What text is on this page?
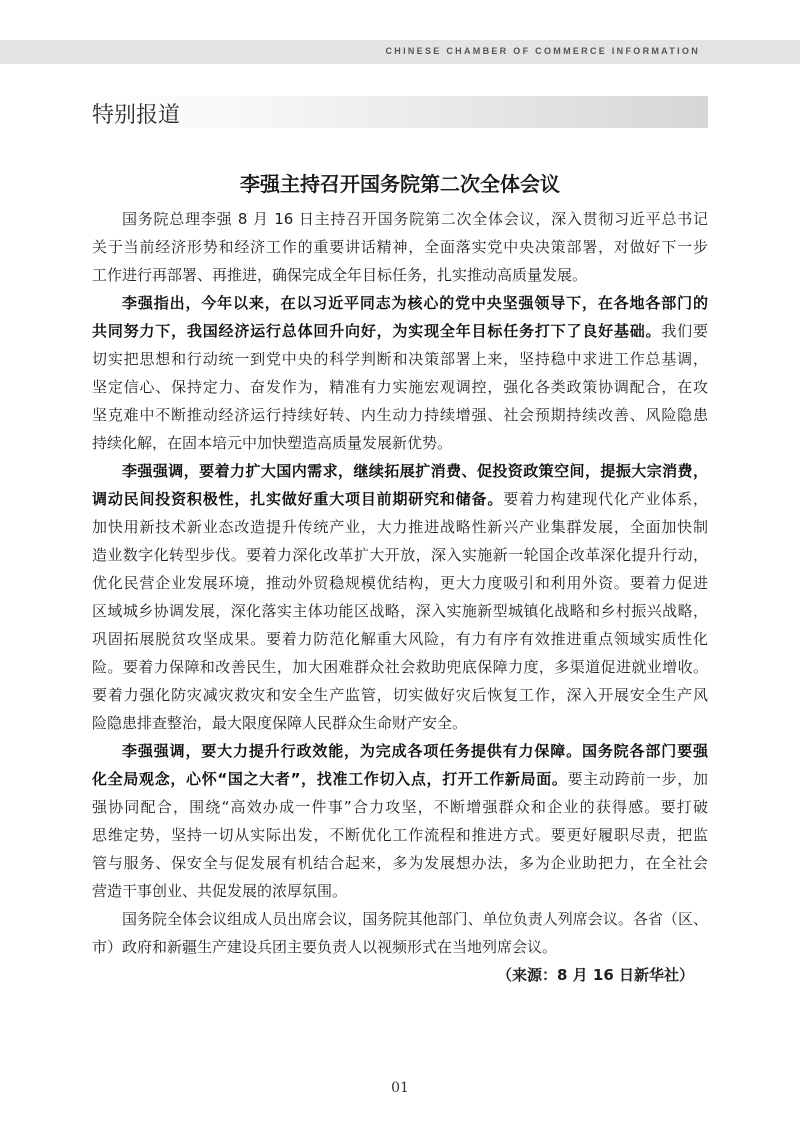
CHINESE CHAMBER OF COMMERCE INFORMATION
特别报道
李强主持召开国务院第二次全体会议
国务院总理李强 8 月 16 日主持召开国务院第二次全体会议，深入贯彻习近平总书记
关于当前经济形势和经济工作的重要讲话精神，全面落实党中央决策部署，对做好下一步
工作进行再部署、再推进，确保完成全年目标任务，扎实推动高质量发展。
李强指出，今年以来，在以习近平同志为核心的党中央坚强领导下，在各地各部门的
共同努力下，我国经济运行总体回升向好，为实现全年目标任务打下了良好基础。我们要
切实把思想和行动统一到党中央的科学判断和决策部署上来，坚持稳中求进工作总基调，
坚定信心、保持定力、奋发作为，精准有力实施宏观调控，强化各类政策协调配合，在攻
坚克难中不断推动经济运行持续好转、内生动力持续增强、社会预期持续改善、风险隐患
持续化解，在固本培元中加快塑造高质量发展新优势。
李强强调，要着力扩大国内需求，继续拓展扩消费、促投资政策空间，提振大宗消费，
调动民间投资积极性，扎实做好重大项目前期研究和储备。要着力构建现代化产业体系，
加快用新技术新业态改造提升传统产业，大力推进战略性新兴产业集群发展，全面加快制
造业数字化转型步伐。要着力深化改革扩大开放，深入实施新一轮国企改革深化提升行动，
优化民营企业发展环境，推动外贸稳规模优结构，更大力度吸引和利用外资。要着力促进
区域城乡协调发展，深化落实主体功能区战略，深入实施新型城镇化战略和乡村振兴战略，
巩固拓展脱贫攻坚成果。要着力防范化解重大风险，有力有序有效推进重点领域实质性化
险。要着力保障和改善民生，加大困难群众社会救助兜底保障力度，多渠道促进就业增收。
要着力强化防灾减灾救灾和安全生产监管，切实做好灾后恢复工作，深入开展安全生产风
险隐患排查整治，最大限度保障人民群众生命财产安全。
李强强调，要大力提升行政效能，为完成各项任务提供有力保障。国务院各部门要强
化全局观念，心怀“国之大者”，找准工作切入点，打开工作新局面。要主动跨前一步，加
强协同配合，围绕“高效办成一件事”合力攻坚，不断增强群众和企业的获得感。要打破
思维定势，坚持一切从实际出发，不断优化工作流程和推进方式。要更好履职尽责，把监
管与服务、保安全与促发展有机结合起来，多为发展想办法，多为企业助把力，在全社会
营造干事创业、共促发展的浓厚氛围。
国务院全体会议组成人员出席会议，国务院其他部门、单位负责人列席会议。各省（区、
市）政府和新疆生产建设兵团主要负责人以视频形式在当地列席会议。
（来源：8 月 16 日新华社）
01
